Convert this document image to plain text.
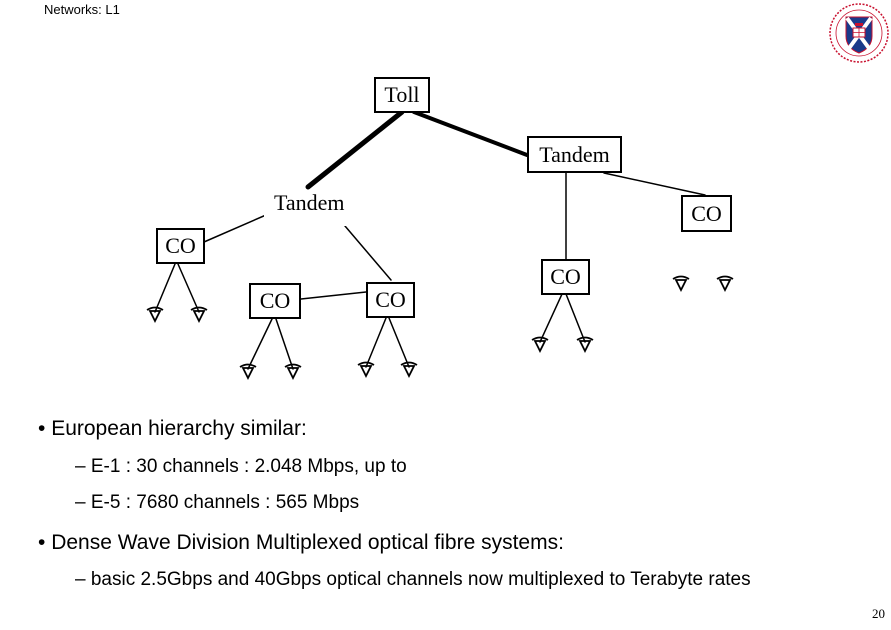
Networks: L1
Toll
Tandem
Tandem	CO
CO
CO
CO	CO
• European hierarchy similar:
– E-1 : 30 channels : 2.048 Mbps, up to
– E-5 : 7680 channels : 565 Mbps
• Dense Wave Division Multiplexed optical fibre systems:
– basic 2.5Gbps and 40Gbps optical channels now multiplexed to Terabyte rates
20
